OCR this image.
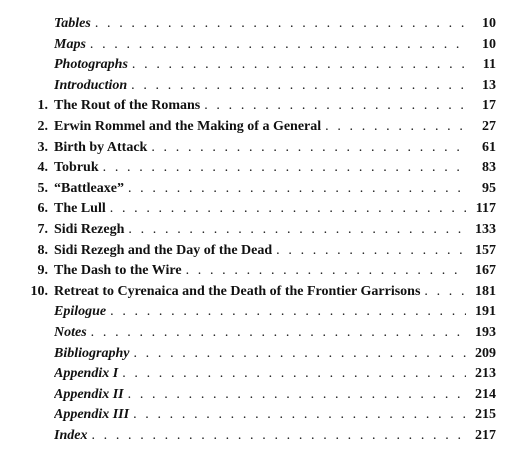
Tables . . .	10
Maps . . .	10
Photographs . . .	11
Introduction . . .	13
1. The Rout of the Romans . . .	17
2. Erwin Rommel and the Making of a General . . .	27
3. Birth by Attack . . .	61
4. Tobruk . . .	83
5. “Battleaxe” . . .	95
6. The Lull . . .	117
7. Sidi Rezegh . . .	133
8. Sidi Rezegh and the Day of the Dead . . .	157
9. The Dash to the Wire . . .	167
10. Retreat to Cyrenaica and the Death of the Frontier Garrisons . . .	181
Epilogue . . .	191
Notes . . .	193
Bibliography . . .	209
Appendix I . . .	213
Appendix II . . .	214
Appendix III . . .	215
Index . . .	217
